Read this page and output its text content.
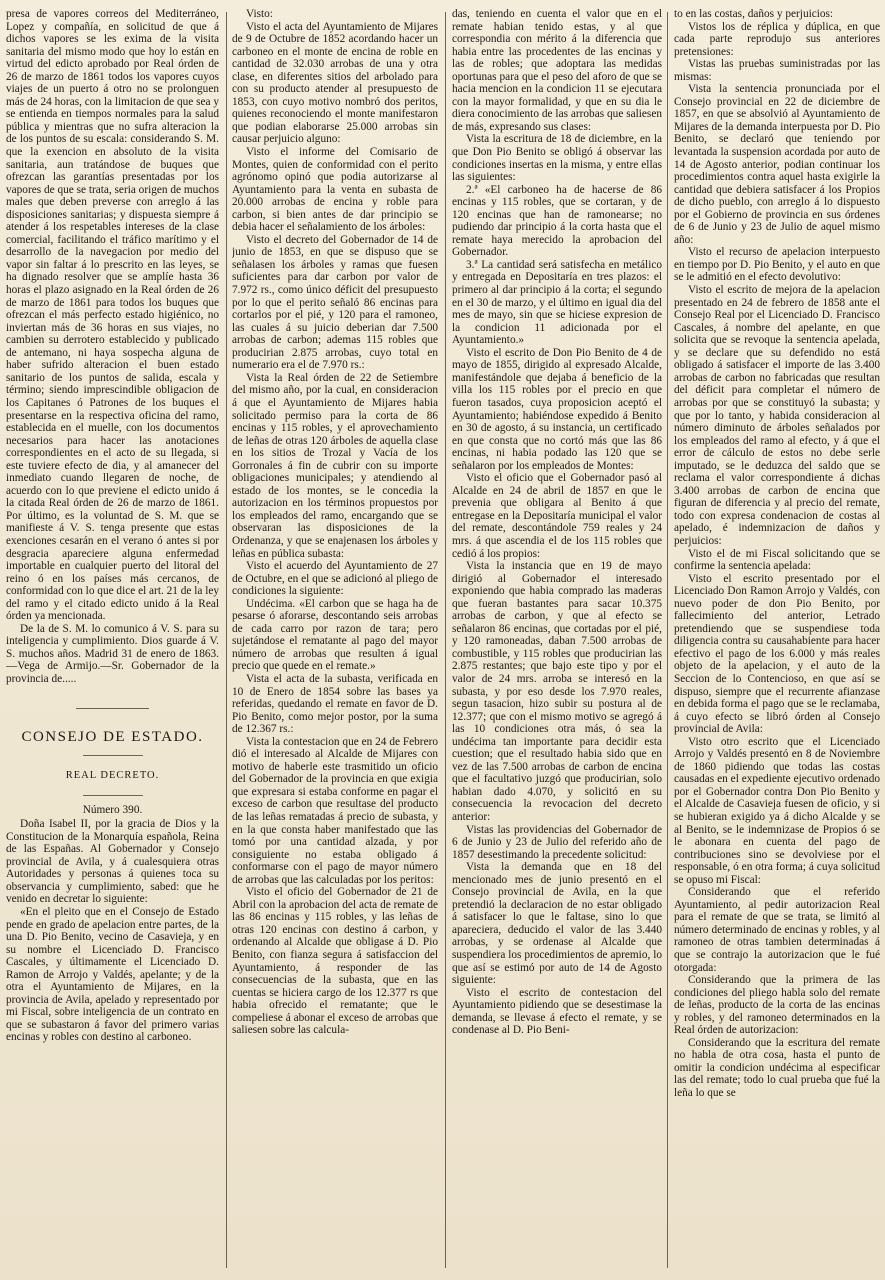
presa de vapores correos del Mediterráneo, Lopez y compañía, en solicitud de que á dichos vapores se les exima de la visita sanitaria del mismo modo que hoy lo están en virtud del edicto aprobado por Real órden de 26 de marzo de 1861 todos los vapores cuyos viajes de un puerto á otro no se prolonguen más de 24 horas, con la limitacion de que sea y se entienda en tiempos normales para la salud pública y mientras que no sufra alteracion la de los puntos de su escala: considerando S. M. que la exencion en absoluto de la visita sanitaria, aun tratándose de buques que ofrezcan las garantías presentadas por los vapores de que se trata, seria origen de muchos males que deben preverse con arreglo á las disposiciones sanitarias; y dispuesta siempre á atender á los respetables intereses de la clase comercial, facilitando el tráfico marítimo y el desarrollo de la navegacion por medio del vapor sin faltar á lo prescrito en las leyes, se ha dignado resolver que se amplíe hasta 36 horas el plazo asignado en la Real órden de 26 de marzo de 1861 para todos los buques que ofrezcan el más perfecto estado higiénico, no inviertan más de 36 horas en sus viajes, no cambien su derrotero establecido y publicado de antemano, ni haya sospecha alguna de haber sufrido alteracion el buen estado sanitario de los puntos de salida, escala y término; siendo imprescindible obligacion de los Capitanes ó Patrones de los buques el presentarse en la respectiva oficina del ramo, establecida en el muelle, con los documentos necesarios para hacer las anotaciones correspondientes en el acto de su llegada, si este tuviere efecto de dia, y al amanecer del inmediato cuando llegaren de noche, de acuerdo con lo que previene el edicto unido á la citada Real órden de 26 de marzo de 1861. Por último, es la voluntad de S. M. que se manifieste á V. S. tenga presente que estas exenciones cesarán en el verano ó antes si por desgracia apareciere alguna enfermedad importable en cualquier puerto del litoral del reino ó en los países más cercanos, de conformidad con lo que dice el art. 21 de la ley del ramo y el citado edicto unido á la Real órden ya mencionada.

De la de S. M. lo comunico á V. S. para su inteligencia y cumplimiento. Dios guarde á V. S. muchos años. Madrid 31 de enero de 1863.—Vega de Armijo.—Sr. Gobernador de la provincia de.....

CONSEJO DE ESTADO.
REAL DECRETO.
Número 390.

Doña Isabel II, por la gracia de Dios y la Constitucion de la Monarquía española, Reina de las Españas. Al Gobernador y Consejo provincial de Avila, y á cualesquiera otras Autoridades y personas á quienes toca su observancia y cumplimiento, sabed: que he venido en decretar lo siguiente:

«En el pleito que en el Consejo de Estado pende en grado de apelacion entre partes, de la una D. Pio Benito, vecino de Casavieja, y en su nombre el Licenciado D. Francisco Cascales, y últimamente el Licenciado D. Ramon de Arrojo y Valdés, apelante; y de la otra el Ayuntamiento de Mijares, en la provincia de Avila, apelado y representado por mi Fiscal, sobre inteligencia de un contrato en que se subastaron á favor del primero varias encinas y robles con destino al carboneo.

Visto:

Visto el acta del Ayuntamiento de Mijares de 9 de Octubre de 1852 acordando hacer un carboneo en el monte de encina de roble en cantidad de 32.030 arrobas de una y otra clase, en diferentes sitios del arbolado para con su producto atender al presupuesto de 1853, con cuyo motivo nombró dos peritos, quienes reconociendo el monte manifestaron que podian elaborarse 25.000 arrobas sin causar perjuicio alguno:

Visto el informe del Comisario de Montes, quien de conformidad con el perito agrónomo opinó que podia autorizarse al Ayuntamiento para la venta en subasta de 20.000 arrobas de encina y roble para carbon, si bien antes de dar principio se debia hacer el señalamiento de los árboles:

Visto el decreto del Gobernador de 14 de junio de 1853, en que se dispuso que se señalasen los árboles y ramas que fuesen suficientes para dar carbon por valor de 7.972 rs., como único déficit del presupuesto por lo que el perito señaló 86 encinas para cortarlos por el pié, y 120 para el ramoneo, las cuales á su juicio deberian dar 7.500 arrobas de carbon; ademas 115 robles que producirian 2.875 arrobas, cuyo total en numerario era el de 7.970 rs.:

Vista la Real órden de 22 de Setiembre del mismo año, por la cual, en consideracion á que el Ayuntamiento de Mijares habia solicitado permiso para la corta de 86 encinas y 115 robles, y el aprovechamiento de leñas de otras 120 árboles de aquella clase en los sitios de Trozal y Vacía de los Gorronales á fin de cubrir con su importe obligaciones municipales; y atendiendo al estado de los montes, se le concedia la autorizacion en los términos propuestos por los empleados del ramo, encargando que se observaran las disposiciones de la Ordenanza, y que se enajenasen los árboles y leñas en pública subasta:

Visto el acuerdo del Ayuntamiento de 27 de Octubre, en el que se adicionó al pliego de condiciones la siguiente:

Undécima. «El carbon que se haga ha de pesarse ó aforarse, descontando seis arrobas de cada carro por razon de tara; pero sujetándose el rematante al pago del mayor número de arrobas que resulten á igual precio que quede en el remate.»

Vista el acta de la subasta, verificada en 10 de Enero de 1854 sobre las bases ya referidas, quedando el remate en favor de D. Pio Benito, como mejor postor, por la suma de 12.367 rs.:

Vista la contestacion que en 24 de Febrero dió el interesado al Alcalde de Mijares con motivo de haberle este trasmitido un oficio del Gobernador de la provincia en que exigia que expresara si estaba conforme en pagar el exceso de carbon que resultase del producto de las leñas rematadas á precio de subasta, y en la que consta haber manifestado que las tomó por una cantidad alzada, y por consiguiente no estaba obligado á conformarse con el pago de mayor número de arrobas que las calculadas por los peritos:

Visto el oficio del Gobernador de 21 de Abril con la aprobacion del acta de remate de las 86 encinas y 115 robles, y las leñas de otras 120 encinas con destino á carbon, y ordenando al Alcalde que obligase á D. Pio Benito, con fianza segura á satisfaccion del Ayuntamiento, á responder de las consecuencias de la subasta, que en las cuentas se hiciera cargo de los 12.377 rs que habia ofrecido el rematante; que le compeliese á abonar el exceso de arrobas que saliesen sobre las calcula-

das, teniendo en cuenta el valor que en el remate habian tenido estas, y al que correspondia con mérito á la diferencia que habia entre las procedentes de las encinas y las de robles; que adoptara las medidas oportunas para que el peso del aforo de que se hacia mencion en la condicion 11 se ejecutara con la mayor formalidad, y que en su dia le diera conocimiento de las arrobas que saliesen de más, expresando sus clases:

Vista la escritura de 18 de diciembre, en la que Don Pio Benito se obligó á observar las condiciones insertas en la misma, y entre ellas las siguientes:

2.ª «El carboneo ha de hacerse de 86 encinas y 115 robles, que se cortaran, y de 120 encinas que han de ramonearse; no pudiendo dar principio á la corta hasta que el remate haya merecido la aprobacion del Gobernador.

3.ª La cantidad será satisfecha en metálico y entregada en Depositaría en tres plazos: el primero al dar principio á la corta; el segundo en el 30 de marzo, y el último en igual dia del mes de mayo, sin que se hiciese expresion de la condicion 11 adicionada por el Ayuntamiento.»

Visto el escrito de Don Pio Benito de 4 de mayo de 1855, dirigido al expresado Alcalde, manifestándole que dejaba á beneficio de la villa los 115 robles por el precio en que fueron tasados, cuya proposicion aceptó el Ayuntamiento; habiéndose expedido á Benito en 30 de agosto, á su instancia, un certificado en que consta que no cortó más que las 86 encinas, ni habia podado las 120 que se señalaron por los empleados de Montes:

Visto el oficio que el Gobernador pasó al Alcalde en 24 de abril de 1857 en que le prevenia que obligara al Benito á que entregase en la Depositaría municipal el valor del remate, descontándole 759 reales y 24 mrs. á que ascendia el de los 115 robles que cedió á los propios:

Vista la instancia que en 19 de mayo dirigió al Gobernador el interesado exponiendo que habia comprado las maderas que fueran bastantes para sacar 10.375 arrobas de carbon, y que al efecto se señalaron 86 encinas, que cortadas por el pié, y 120 ramoneadas, daban 7.500 arrobas de combustible, y 115 robles que producirian las 2.875 restantes; que bajo este tipo y por el valor de 24 mrs. arroba se interesó en la subasta, y por eso desde los 7.970 reales, segun tasacion, hizo subir su postura al de 12.377; que con el mismo motivo se agregó á las 10 condiciones otra más, ó sea la undécima tan importante para decidir esta cuestion; que el resultado habia sido que en vez de las 7.500 arrobas de carbon de encina que el facultativo juzgó que producirian, solo habian dado 4.070, y solicitó en su consecuencia la revocacion del decreto anterior:

Vistas las providencias del Gobernador de 6 de Junio y 23 de Julio del referido año de 1857 desestimando la precedente solicitud:

Vista la demanda que en 18 del mencionado mes de junio presentó en el Consejo provincial de Avila, en la que pretendió la declaracion de no estar obligado á satisfacer lo que le faltase, sino lo que apareciera, deducido el valor de las 3.440 arrobas, y se ordenase al Alcalde que suspendiera los procedimientos de apremio, lo que así se estimó por auto de 14 de Agosto siguiente:

Visto el escrito de contestacion del Ayuntamiento pidiendo que se desestimase la demanda, se llevase á efecto el remate, y se condenase al D. Pio Beni-

to en las costas, daños y perjuicios:

Vistos los de réplica y dúplica, en que cada parte reprodujo sus anteriores pretensiones:

Vistas las pruebas suministradas por las mismas:

Vista la sentencia pronunciada por el Consejo provincial en 22 de diciembre de 1857, en que se absolvió al Ayuntamiento de Mijares de la demanda interpuesta por D. Pio Benito, se declaró que teniendo por levantada la suspension acordada por auto de 14 de Agosto anterior, podian continuar los procedimientos contra aquel hasta exigirle la cantidad que debiera satisfacer á los Propios de dicho pueblo, con arreglo á lo dispuesto por el Gobierno de provincia en sus órdenes de 6 de Junio y 23 de Julio de aquel mismo año:

Visto el recurso de apelacion interpuesto en tiempo por D. Pio Benito, y el auto en que se le admitió en el efecto devolutivo:

Visto el escrito de mejora de la apelacion presentado en 24 de febrero de 1858 ante el Consejo Real por el Licenciado D. Francisco Cascales, á nombre del apelante, en que solicita que se revoque la sentencia apelada, y se declare que su defendido no está obligado á satisfacer el importe de las 3.400 arrobas de carbon no fabricadas que resultan del déficit para completar el número de arrobas por que se constituyó la subasta; y que por lo tanto, y habida consideracion al número diminuto de árboles señalados por los empleados del ramo al efecto, y á que el error de cálculo de estos no debe serle imputado, se le deduzca del saldo que se reclama el valor correspondiente á dichas 3.400 arrobas de carbon de encina que figuran de diferencia y al precio del remate, todo con expresa condenacion de costas al apelado, é indemnizacion de daños y perjuicios:

Visto el de mi Fiscal solicitando que se confirme la sentencia apelada:

Visto el escrito presentado por el Licenciado Don Ramon Arrojo y Valdés, con nuevo poder de don Pio Benito, por fallecimiento del anterior, Letrado pretendiendo que se suspendiese toda diligencia contra su causahabiente para hacer efectivo el pago de los 6.000 y más reales objeto de la apelacion, y el auto de la Seccion de lo Contencioso, en que así se dispuso, siempre que el recurrente afianzase en debida forma el pago que se le reclamaba, á cuyo efecto se libró órden al Consejo provincial de Avila:

Visto otro escrito que el Licenciado Arrojo y Valdés presentó en 8 de Noviembre de 1860 pidiendo que todas las costas causadas en el expediente ejecutivo ordenado por el Gobernador contra Don Pio Benito y el Alcalde de Casavieja fuesen de oficio, y si se hubieran exigido ya á dicho Alcalde y se al Benito, se le indemnizase de Propios ó se le abonara en cuenta del pago de contribuciones sino se devolviese por el responsable, ó en otra forma; á cuya solicitud se opuso mi Fiscal:

Considerando que el referido Ayuntamiento, al pedir autorizacion Real para el remate de que se trata, se limitó al número determinado de encinas y robles, y al ramoneo de otras tambien determinadas á que se contrajo la autorizacion que le fué otorgada:

Considerando que la primera de las condiciones del pliego habla solo del remate de leñas, producto de la corta de las encinas y robles, y del ramoneo determinados en la Real órden de autorizacion:

Considerando que la escritura del remate no habla de otra cosa, hasta el punto de omitir la condicion undécima al especificar las del remate; todo lo cual prueba que fué la leña lo que se
